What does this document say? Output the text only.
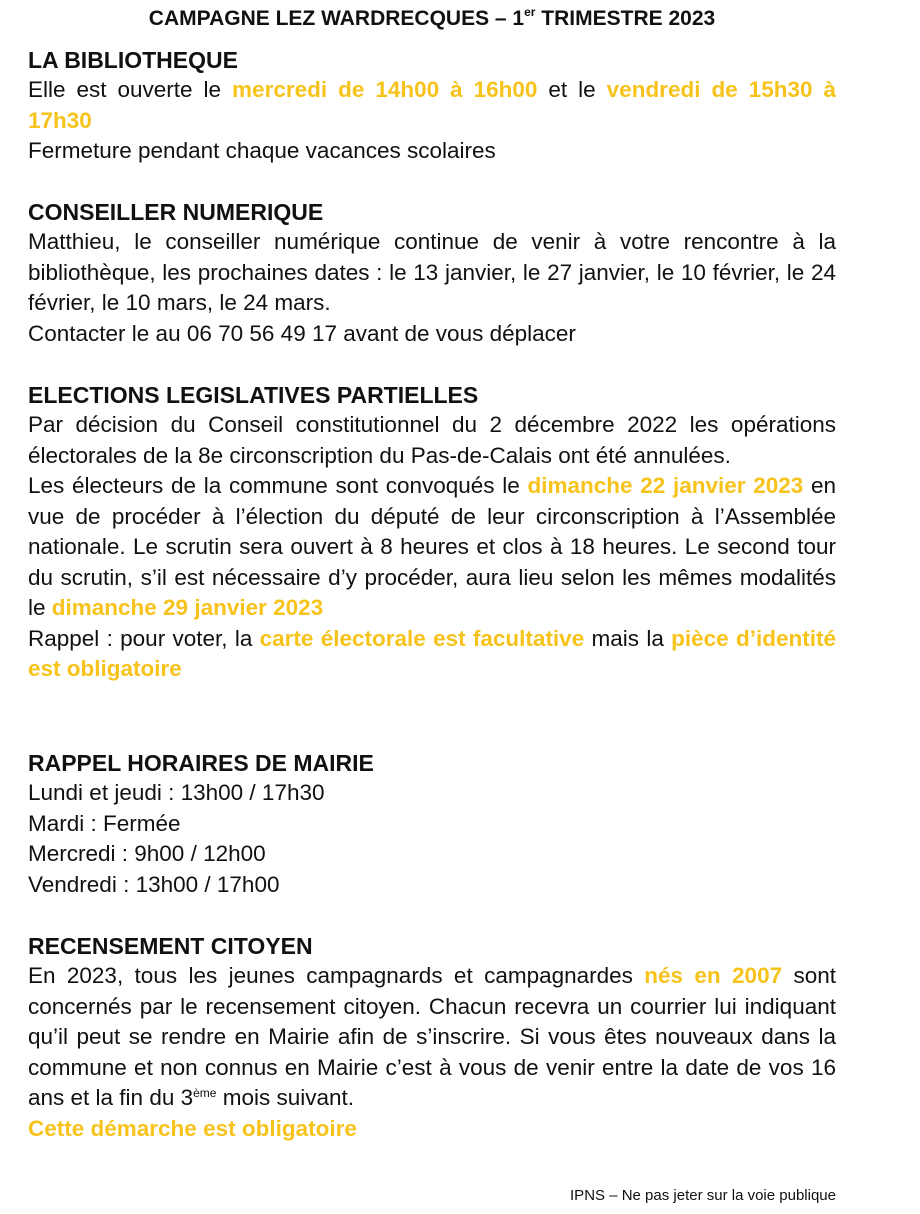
CAMPAGNE LEZ WARDRECQUES – 1er TRIMESTRE 2023
LA BIBLIOTHEQUE

Elle est ouverte le mercredi de 14h00 à 16h00 et le vendredi de 15h30 à 17h30

Fermeture pendant chaque vacances scolaires
CONSEILLER NUMERIQUE

Matthieu, le conseiller numérique continue de venir à votre rencontre à la bibliothèque, les prochaines dates : le 13 janvier, le 27 janvier, le 10 février, le 24 février, le 10 mars, le 24 mars.

Contacter le au 06 70 56 49 17 avant de vous déplacer
ELECTIONS LEGISLATIVES PARTIELLES

Par décision du Conseil constitutionnel du 2 décembre 2022 les opérations électorales de la 8e circonscription du Pas-de-Calais ont été annulées.

Les électeurs de la commune sont convoqués le dimanche 22 janvier 2023 en vue de procéder à l’élection du député de leur circonscription à l’Assemblée nationale. Le scrutin sera ouvert à 8 heures et clos à 18 heures. Le second tour du scrutin, s’il est nécessaire d’y procéder, aura lieu selon les mêmes modalités le dimanche 29 janvier 2023

Rappel : pour voter, la carte électorale est facultative mais la pièce d’identité est obligatoire

RAPPEL HORAIRES DE MAIRIE
Lundi et jeudi : 13h00 / 17h30
Mardi : Fermée
Mercredi : 9h00 / 12h00
Vendredi : 13h00 / 17h00
RECENSEMENT CITOYEN

En 2023, tous les jeunes campagnards et campagnardes nés en 2007 sont concernés par le recensement citoyen. Chacun recevra un courrier lui indiquant qu’il peut se rendre en Mairie afin de s’inscrire. Si vous êtes nouveaux dans la commune et non connus en Mairie c’est à vous de venir entre la date de vos 16 ans et la fin du 3ème mois suivant.

Cette démarche est obligatoire
IPNS – Ne pas jeter sur la voie publique
